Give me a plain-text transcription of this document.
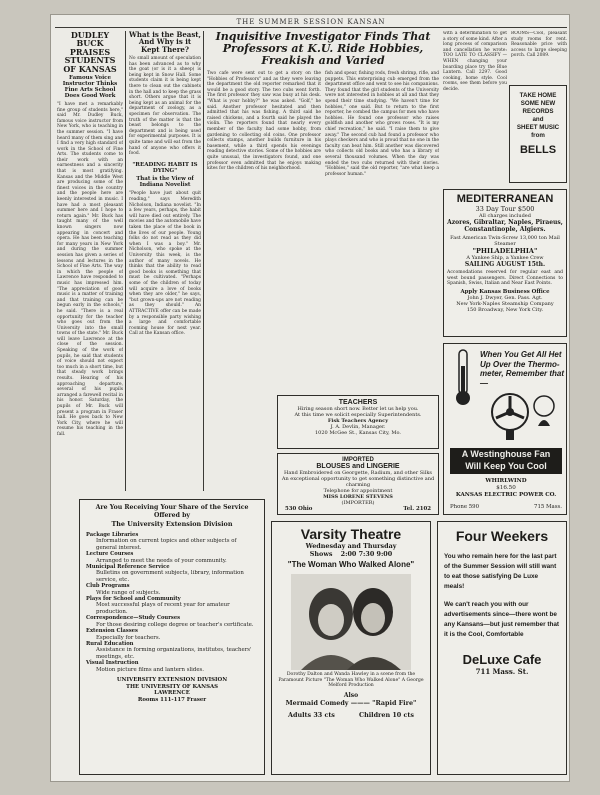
THE SUMMER SESSION KANSAN
DUDLEY BUCK PRAISES STUDENTS OF KANSAS
Famous Voice Instructor Thinks Fine Arts School Does Good Work
"I have met a remarkably fine group of students here," said Mr. Dudley Buck, famous voice instructor from New York, who is teaching in the summer session. "I have heard many of them sing and I find a very high standard of work in the School of Fine Arts. The students come to their work with an earnestness and a sincerity that is most gratifying. Kansas and the Middle West are producing some of the finest voices in the country and the people here are keenly interested in music. I have had a most pleasant summer here and I hope to return again." Mr. Buck has taught many of the well known singers now appearing in concert and opera. He has been teaching for many years in New York and during the summer session has given a series of lessons and lectures in the School of Fine Arts. The way in which the people of Lawrence have responded to music has impressed him. "The appreciation of good music is a matter of training and that training can be begun early in the schools," he said. "There is a real opportunity for the teacher who goes out from the University into the small towns of the state." Mr. Buck will leave Lawrence at the close of the session. Speaking of the work of pupils, he said that students of voice should not expect too much in a short time, but that steady work brings results. Hearing of his approaching departure, several of his pupils arranged a farewell recital in his honor. Saturday, the pupils of Mr. Buck will present a program in Fraser hall. He goes back to New York City, where he will resume his teaching in the fall.
What is the Beast, And Why is it Kept There?
No small amount of speculation has been advanced as to why the goat (or is it a sheep) is being kept in Snow Hall. Some students claim it is being kept there to clean out the cabinets in the hall and to keep the grass short. Others argue that it is being kept as an animal for the department of zoology, as a specimen for observation. The truth of the matter is that the beast belongs to the department and is being used for experimental purposes. It is quite tame and will eat from the hand of anyone who offers it food.
"READING HABIT IS DYING"
That is the View of Indiana Novelist
"People have just about quit reading," says Meredith Nicholson, Indiana novelist. "In a few years, perhaps, the habit will have died out entirely. The movies and the automobile have taken the place of the book in the lives of our people. Young folks do not read as they did when I was a boy." Mr. Nicholson, who spoke at the University this week, is the author of many novels. He thinks that the ability to read good books is something that must be cultivated. "Perhaps some of the children of today will acquire a love of books when they are older," he says, "but grown-ups are not reading as they should." An ATTRACTIVE offer can be made by a responsible party wishing a large and comfortable rooming house for next year. Call at the Kansan office.
Inquisitive Investigator Finds That Professors at K.U. Ride Hobbies, Freakish and Varied
Two cafe were sent out to get a story on the "Hobbies of Professors" and as they were leaving the department the old reporter remarked that it would be a good story. The two cubs went forth. The first professor they saw was busy at his desk. "What is your hobby?" he was asked. "Golf," he said. Another professor hesitated and then admitted that his was fishing. A third said he raised chickens, and a fourth said he played the violin. The reporters found that nearly every member of the faculty had some hobby, from gardening to collecting old coins. One professor collects stamps, another builds furniture in his basement, while a third spends his evenings reading detective stories. Some of the hobbies are quite unusual, the investigators found, and one professor even admitted that he enjoys making kites for the children of his neighborhood.
fish and spear, fishing rods, fresh shrimp, rifle, and puppets. This enterprising cub emerged from the department office and went to see his companions. They found that the girl students of the University were not interested in hobbies at all and that they spend their time studying. "We haven't time for hobbies," one said. But to return to the first reporter, he combed the campus for men who have hobbies. He found one professor who raises goldfish and another who grows roses. "It is my chief recreation," he said. "I raise them to give away." The second cub had found a professor who plays checkers and who is proud that no one in the faculty can beat him. Still another was discovered who collects old books and who has a library of several thousand volumes. When the day was ended the two cubs returned with their stories. "Hobbies," said the old reporter, "are what keep a professor human."
with a determination to get a story of some kind. After a long process of comparison and cancellation he wrote: TOO LATE TO CLASSIFY — WHEN changing your boarding place try the Blue Lantern. Call 2297. Good cooking, home style. Cool rooms, see them before you decide.
ROOMS—Cool, pleasant study rooms for rent. Reasonable price with access to large sleeping porch. Call 2089.
TAKE HOME
SOME NEW
RECORDS
and
SHEET MUSIC
from
BELLS
MEDITERRANEAN
33 Day Tour $500
All charges included
Azores, Gibraltar, Naples, Piraeus, Constantinople, Algiers.
Fast American Twin-Screw 13,000 ton Mail Steamer
"PHILADELPHIA"
A Yankee Ship, a Yankee Crew
SAILING AUGUST 15th.
Accomodations reserved for regular east and west bound passengers. Direct Connections to Spanish, Swiss, Italian and Near East Points.
Apply Kansas Business Office
John J. Dwyer, Gen. Pass. Agt.
New York-Naples Steamship Company
150 Broadway, New York City.
When You Get All Het
Up Over the Thermo-
meter, Remember that—
A Westinghouse Fan
Will Keep You Cool
WHIRLWIND
$16.50
KANSAS ELECTRIC POWER CO.
Phone 590	715 Mass.
TEACHERS
Hiring season short now. Better let us help you.
At this time we solicit especially Superintendents.
Fisk Teachers Agency
J. A. Devlin, Manager.
1020 McGee St., Kansas City, Mo.
IMPORTED
BLOUSES and LINGERIE
Hand Embroidered on Georgette, Radium, and other Silks
An exceptional opportunity to get something distinctive and charming
Telephone for appointment
MISS LORENE STEVENS
(IMPORTER)
530 Ohio	Tel. 2102
Are You Receiving Your Share of the Service
Offered by
The University Extension Division
Package Libraries
Information on current topics and other subjects of general interest.
Lecture Courses
Arranged to meet the needs of your community.
Municipal Reference Service
Bulletins on government subjects, library, information service, etc.
Club Programs
Wide range of subjects.
Plays for School and Community
Most successful plays of recent year for amateur production.
Correspondence—Study Courses
For those desiring college degree or teacher's certificate.
Extension Classes
Especially for teachers.
Rural Education
Assistance in forming organizations, institutes, teachers' meetings, etc.
Visual Instruction
Motion picture films and lantern slides.
UNIVERSITY EXTENSION DIVISION
THE UNIVERSITY OF KANSAS
LAWRENCE
Rooms 111-117 Fraser
Varsity Theatre
Wednesday and Thursday
Shows 2:00 7:30 9:00
"The Woman Who Walked Alone"
Dorothy Dalton and Wanda Hawley in a scene from the Paramount Picture "The Woman Who Walked Alone" A George Melford Production
Also
Mermaid Comedy ——— "Rapid Fire"
Adults 33 cts	Children 10 cts
Four Weekers
You who remain here for the last part of the Summer Session will still want to eat those satisfying De Luxe meals!
We can't reach you with our advertisements since—there wont be any Kansans—but just remember that it is the Cool, Comfortable
DeLuxe Cafe
711 Mass. St.
